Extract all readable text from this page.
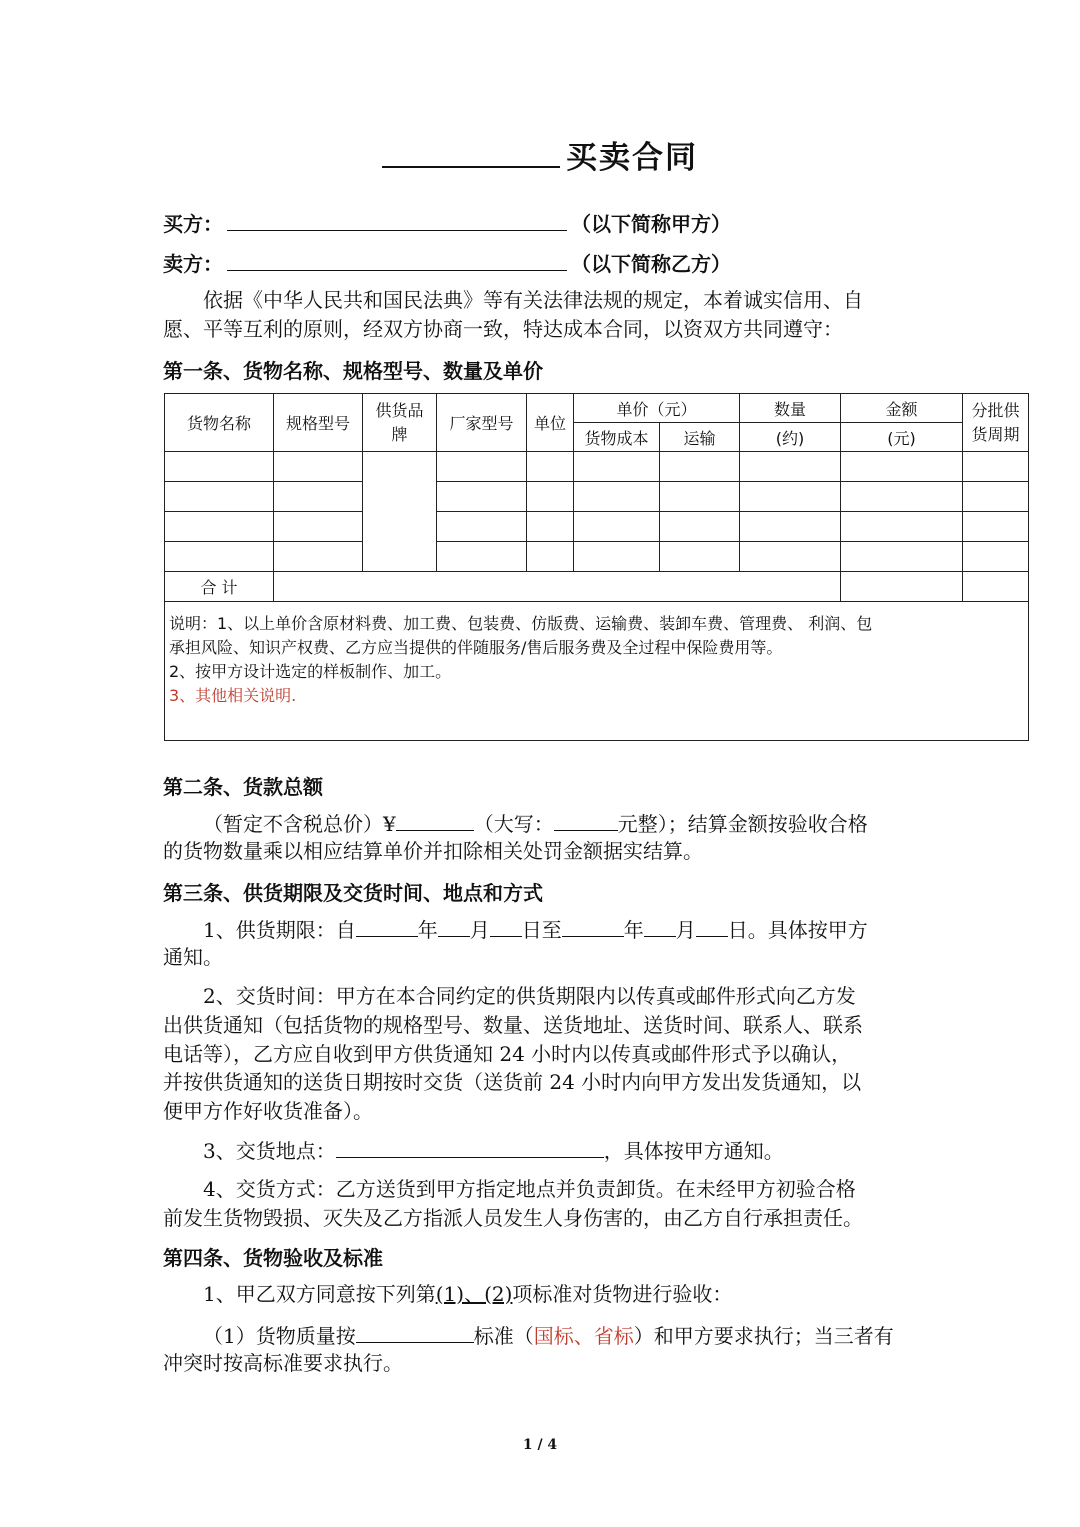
买卖合同
买方：	（以下简称甲方）
卖方：	（以下简称乙方）
依据《中华人民共和国民法典》等有关法律法规的规定，本着诚实信用、自
愿、平等互利的原则，经双方协商一致，特达成本合同，以资双方共同遵守：
第一条、货物名称、规格型号、数量及单价
货物名称	规格型号	供货品牌	厂家型号	单位	单价（元）		数量	金额	分批供货周期
					货物成本	运输	(约)	(元)	

合 计									

说明：1、以上单价含原材料费、加工费、包装费、仿版费、运输费、装卸车费、管理费、 利润、包
承担风险、知识产权费、乙方应当提供的伴随服务/售后服务费及全过程中保险费用等。
2、按甲方设计选定的样板制作、加工。
3、其他相关说明.									
第二条、货款总额
（暂定不含税总价）¥	（大写：	元整）；结算金额按验收合格
的货物数量乘以相应结算单价并扣除相关处罚金额据实结算。
第三条、供货期限及交货时间、地点和方式
1、供货期限：自	年 月 日至	年 月 日。具体按甲方
通知。
2、交货时间：甲方在本合同约定的供货期限内以传真或邮件形式向乙方发
出供货通知（包括货物的规格型号、数量、送货地址、送货时间、联系人、联系
电话等），乙方应自收到甲方供货通知 24 小时内以传真或邮件形式予以确认，
并按供货通知的送货日期按时交货（送货前 24 小时内向甲方发出发货通知，以
便甲方作好收货准备）。
3、交货地点：	，具体按甲方通知。
4、交货方式：乙方送货到甲方指定地点并负责卸货。在未经甲方初验合格
前发生货物毁损、灭失及乙方指派人员发生人身伤害的，由乙方自行承担责任。
第四条、货物验收及标准
1、甲乙双方同意按下列第(1)、(2)项标准对货物进行验收：
（1）货物质量按	标准（国标、省标）和甲方要求执行；当三者有
冲突时按高标准要求执行。
1 / 4
